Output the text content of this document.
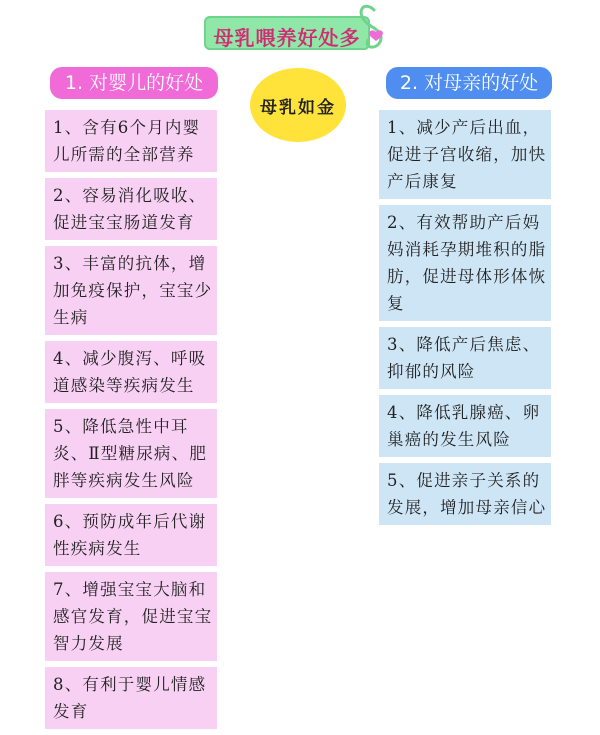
母乳喂养好处多
1. 对婴儿的好处
母乳如金
2. 对母亲的好处
1、含有6个月内婴儿所需的全部营养
2、容易消化吸收、促进宝宝肠道发育
3、丰富的抗体，增加免疫保护，宝宝少生病
4、减少腹泻、呼吸道感染等疾病发生
5、降低急性中耳炎、Ⅱ型糖尿病、肥胖等疾病发生风险
6、预防成年后代谢性疾病发生
7、增强宝宝大脑和感官发育，促进宝宝智力发展
8、有利于婴儿情感发育
1、减少产后出血，促进子宫收缩，加快产后康复
2、有效帮助产后妈妈消耗孕期堆积的脂肪，促进母体形体恢复
3、降低产后焦虑、抑郁的风险
4、降低乳腺癌、卵巢癌的发生风险
5、促进亲子关系的发展，增加母亲信心
